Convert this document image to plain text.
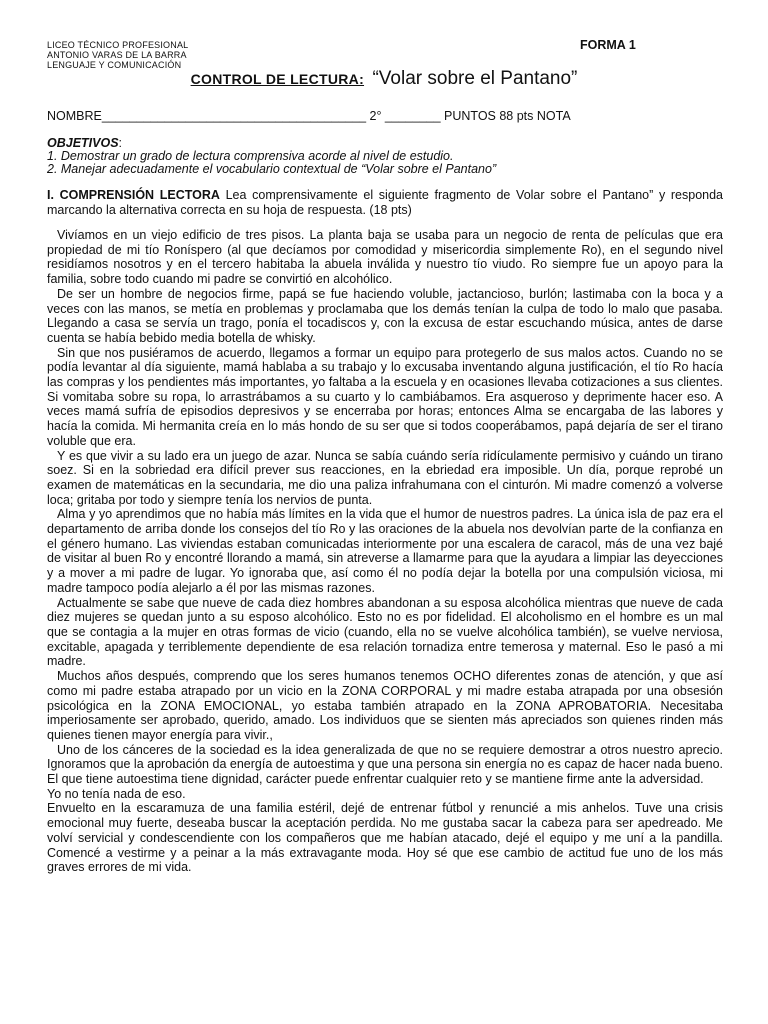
LICEO TÉCNICO PROFESIONAL
ANTONIO VARAS DE LA BARRA
LENGUAJE Y COMUNICACIÓN
FORMA 1
CONTROL DE LECTURA: “Volar sobre el Pantano”
NOMBRE______________________________________ 2° ________ PUNTOS 88 pts NOTA
OBJETIVOS:
1. Demostrar un grado de lectura comprensiva acorde al nivel de estudio.
2. Manejar adecuadamente el vocabulario contextual de “Volar sobre el Pantano”
I. COMPRENSIÓN LECTORA Lea comprensivamente el siguiente fragmento de Volar sobre el Pantano” y responda marcando la alternativa correcta en su hoja de respuesta. (18 pts)

Vivíamos en un viejo edificio de tres pisos. La planta baja se usaba para un negocio de renta de películas que era propiedad de mi tío Roníspero (al que decíamos por comodidad y misericordia simplemente Ro), en el segundo nivel residíamos nosotros y en el tercero habitaba la abuela inválida y nuestro tío viudo. Ro siempre fue un apoyo para la familia, sobre todo cuando mi padre se convirtió en alcohólico.

De ser un hombre de negocios firme, papá se fue haciendo voluble, jactancioso, burlón; lastimaba con la boca y a veces con las manos, se metía en problemas y proclamaba que los demás tenían la culpa de todo lo malo que pasaba. Llegando a casa se servía un trago, ponía el tocadiscos y, con la excusa de estar escuchando música, antes de darse cuenta se había bebido media botella de whisky.

Sin que nos pusiéramos de acuerdo, llegamos a formar un equipo para protegerlo de sus malos actos. Cuando no se podía levantar al día siguiente, mamá hablaba a su trabajo y lo excusaba inventando alguna justificación, el tío Ro hacía las compras y los pendientes más importantes, yo faltaba a la escuela y en ocasiones llevaba cotizaciones a sus clientes. Si vomitaba sobre su ropa, lo arrastrábamos a su cuarto y lo cambiábamos. Era asqueroso y deprimente hacer eso. A veces mamá sufría de episodios depresivos y se encerraba por horas; entonces Alma se encargaba de las labores y hacía la comida. Mi hermanita creía en lo más hondo de su ser que si todos cooperábamos, papá dejaría de ser el tirano voluble que era.

Y es que vivir a su lado era un juego de azar. Nunca se sabía cuándo sería ridículamente permisivo y cuándo un tirano soez. Si en la sobriedad era difícil prever sus reacciones, en la ebriedad era imposible. Un día, porque reprobé un examen de matemáticas en la secundaria, me dio una paliza infrahumana con el cinturón. Mi madre comenzó a volverse loca; gritaba por todo y siempre tenía los nervios de punta.

Alma y yo aprendimos que no había más límites en la vida que el humor de nuestros padres. La única isla de paz era el departamento de arriba donde los consejos del tío Ro y las oraciones de la abuela nos devolvían parte de la confianza en el género humano. Las viviendas estaban comunicadas interiormente por una escalera de caracol, más de una vez bajé de visitar al buen Ro y encontré llorando a mamá, sin atreverse a llamarme para que la ayudara a limpiar las deyecciones y a mover a mi padre de lugar. Yo ignoraba que, así como él no podía dejar la botella por una compulsión viciosa, mi madre tampoco podía alejarlo a él por las mismas razones.

Actualmente se sabe que nueve de cada diez hombres abandonan a su esposa alcohólica mientras que nueve de cada diez mujeres se quedan junto a su esposo alcohólico. Esto no es por fidelidad. El alcoholismo en el hombre es un mal que se contagia a la mujer en otras formas de vicio (cuando, ella no se vuelve alcohólica también), se vuelve nerviosa, excitable, apagada y terriblemente dependiente de esa relación tornadiza entre temerosa y maternal. Eso le pasó a mi madre.

Muchos años después, comprendo que los seres humanos tenemos OCHO diferentes zonas de atención, y que así como mi padre estaba atrapado por un vicio en la ZONA CORPORAL y mi madre estaba atrapada por una obsesión psicológica en la ZONA EMOCIONAL, yo estaba también atrapado en la ZONA APROBATORIA. Necesitaba imperiosamente ser aprobado, querido, amado. Los individuos que se sienten más apreciados son quienes rinden más quienes tienen mayor energía para vivir.,

Uno de los cánceres de la sociedad es la idea generalizada de que no se requiere demostrar a otros nuestro aprecio. Ignoramos que la aprobación da energía de autoestima y que una persona sin energía no es capaz de hacer nada bueno. El que tiene autoestima tiene dignidad, carácter puede enfrentar cualquier reto y se mantiene firme ante la adversidad.

Yo no tenía nada de eso.

Envuelto en la escaramuza de una familia estéril, dejé de entrenar fútbol y renuncié a mis anhelos. Tuve una crisis emocional muy fuerte, deseaba buscar la aceptación perdida. No me gustaba sacar la cabeza para ser apedreado. Me volví servicial y condescendiente con los compañeros que me habían atacado, dejé el equipo y me uní a la pandilla. Comencé a vestirme y a peinar a la más extravagante moda. Hoy sé que ese cambio de actitud fue uno de los más graves errores de mi vida.
